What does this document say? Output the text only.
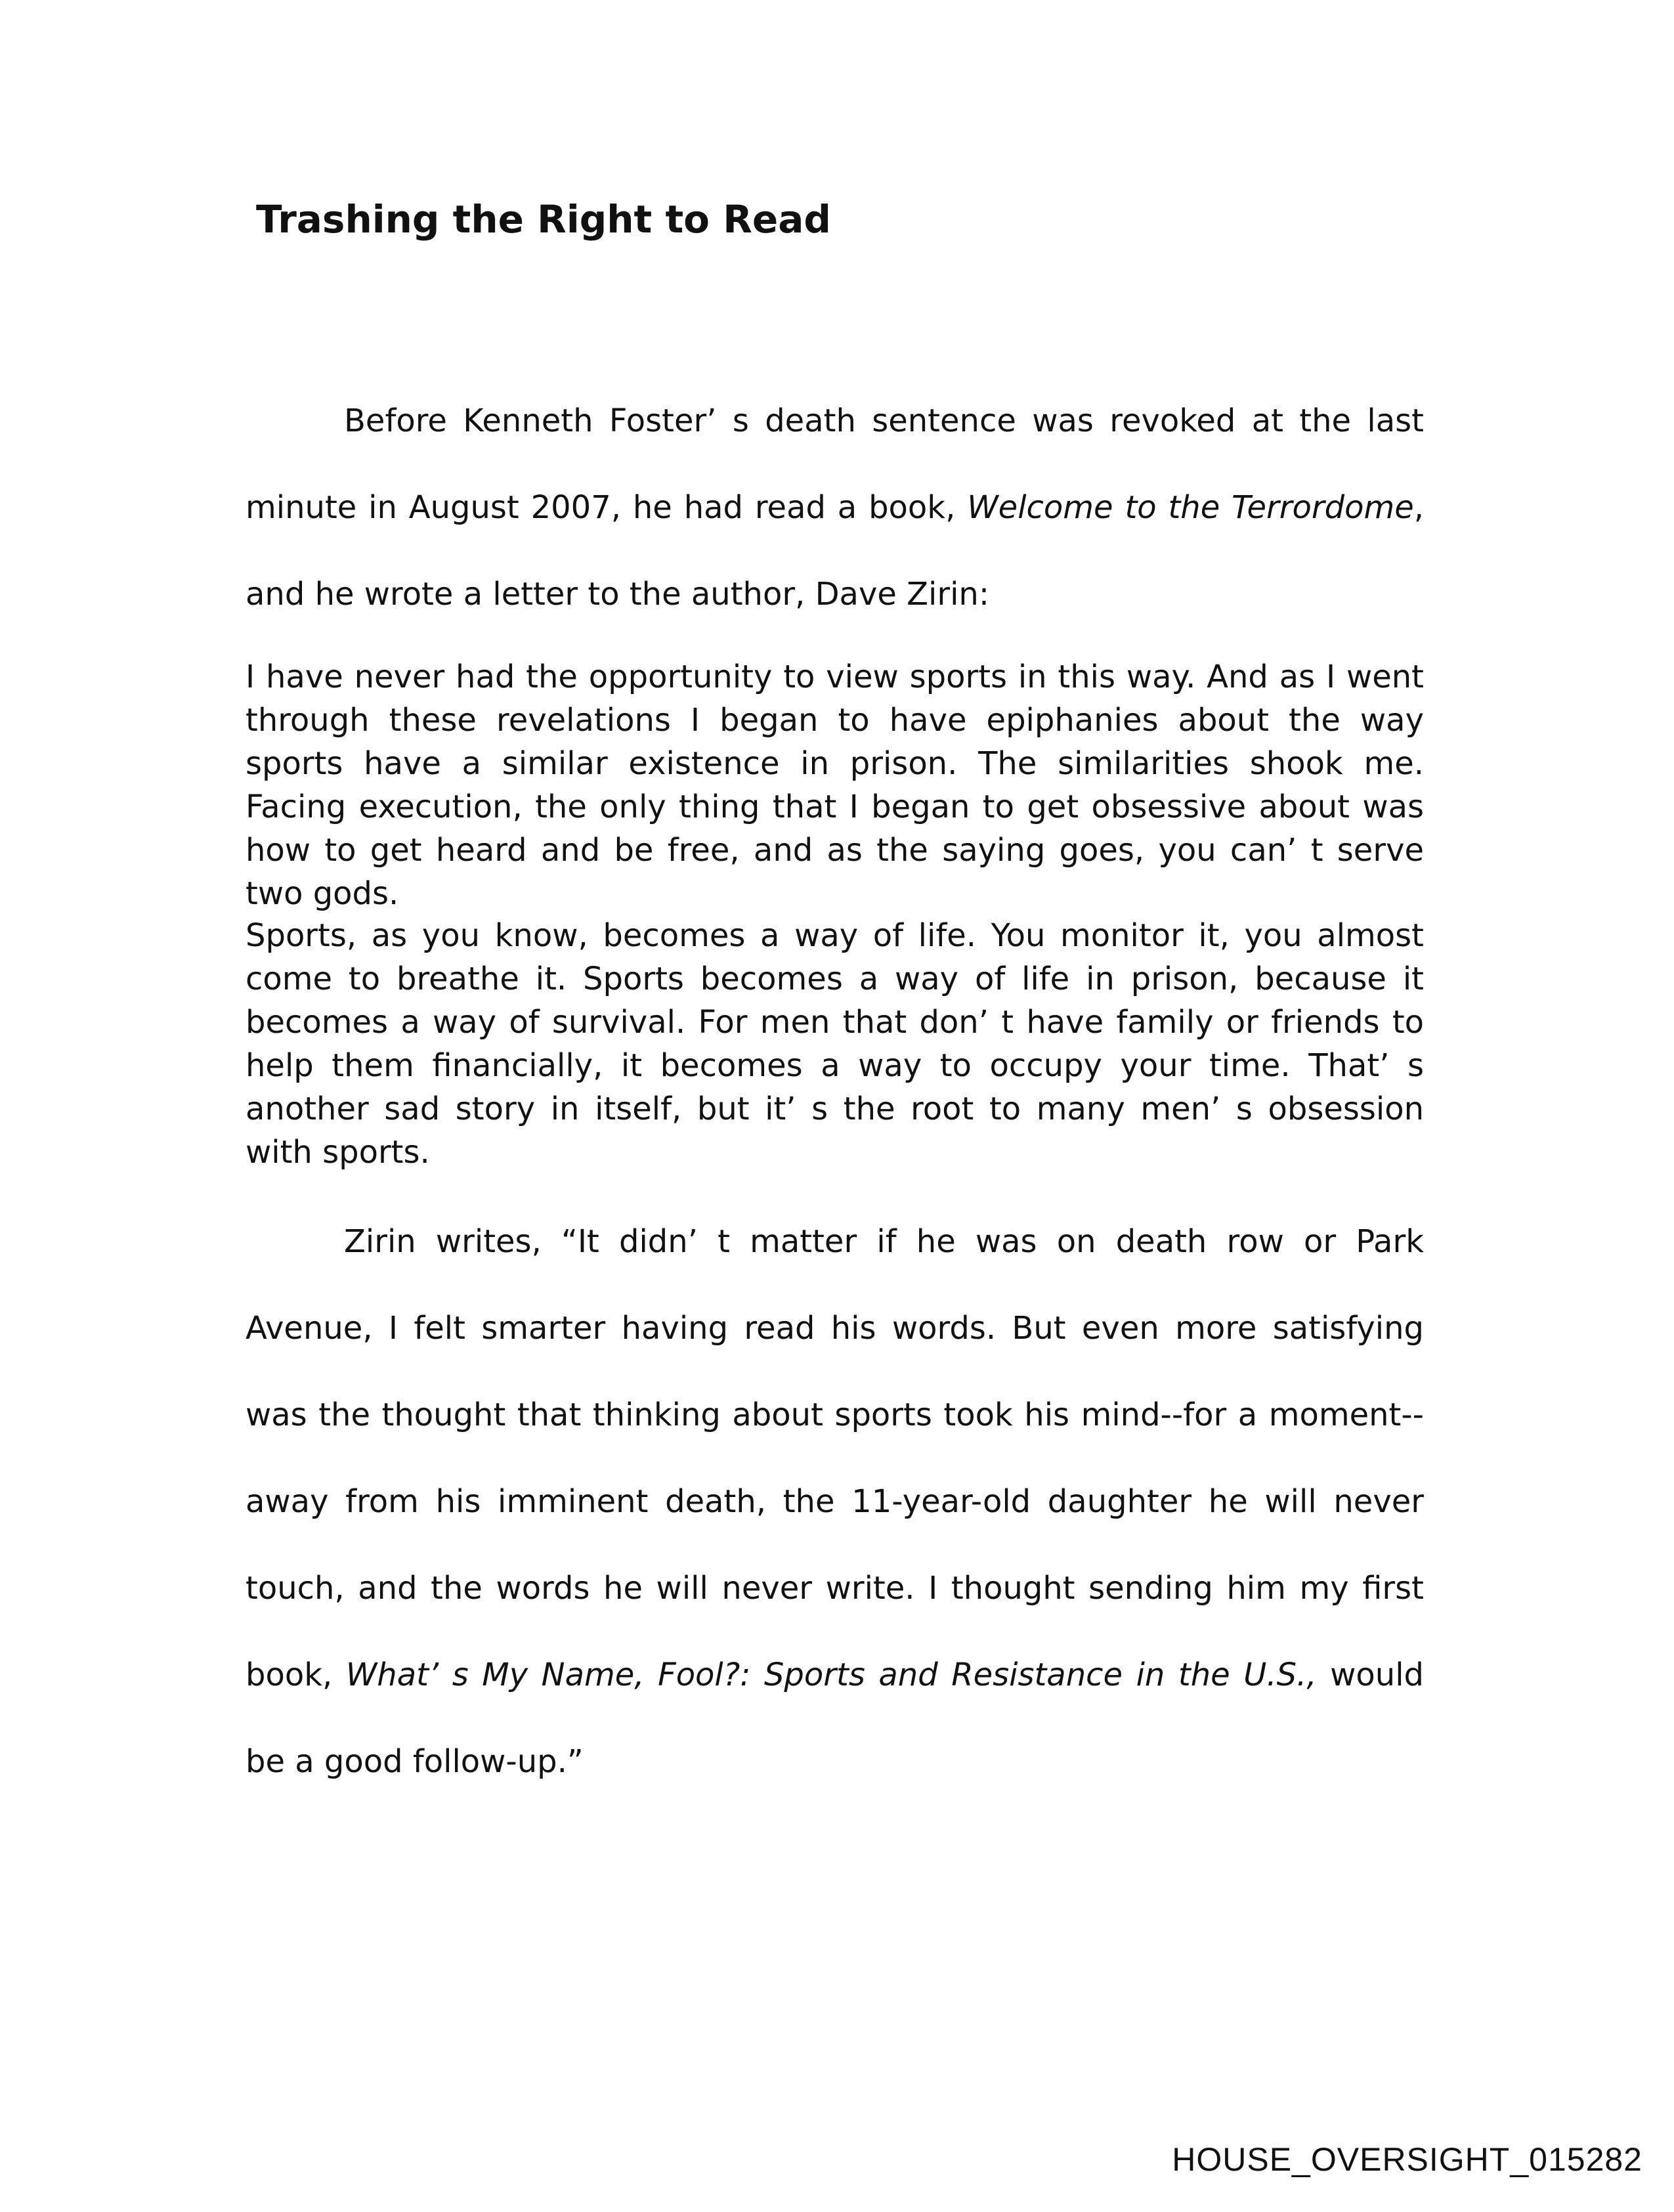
Trashing the Right to Read

Before Kenneth Foster’ s death sentence was revoked at the last minute in August 2007, he had read a book, Welcome to the Terrordome, and he wrote a letter to the author, Dave Zirin:

I have never had the opportunity to view sports in this way. And as I went through these revelations I began to have epiphanies about the way sports have a similar existence in prison. The similarities shook me. Facing execution, the only thing that I began to get obsessive about was how to get heard and be free, and as the saying goes, you can’ t serve two gods.

Sports, as you know, becomes a way of life. You monitor it, you almost come to breathe it. Sports becomes a way of life in prison, because it becomes a way of survival. For men that don’ t have family or friends to help them financially, it becomes a way to occupy your time. That’ s another sad story in itself, but it’ s the root to many men’ s obsession with sports.

Zirin writes, “It didn’ t matter if he was on death row or Park Avenue, I felt smarter having read his words. But even more satisfying was the thought that thinking about sports took his mind--for a moment--away from his imminent death, the 11-year-old daughter he will never touch, and the words he will never write. I thought sending him my first book, What’ s My Name, Fool?: Sports and Resistance in the U.S., would be a good follow-up.”

HOUSE_OVERSIGHT_015282
